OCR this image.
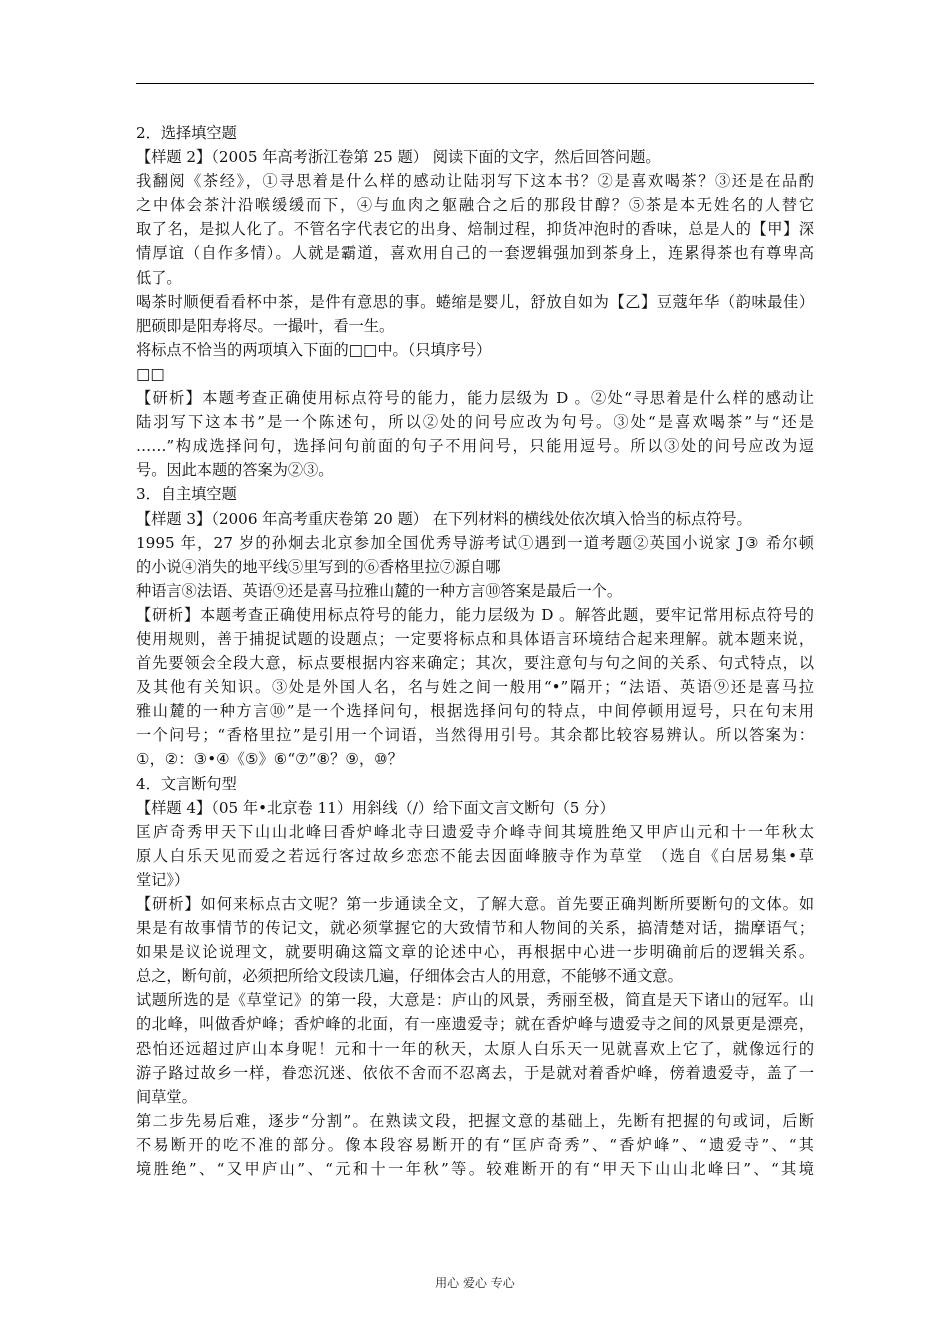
2．选择填空题
【样题 2】（2005 年高考浙江卷第 25 题） 阅读下面的文字，然后回答问题。
我翻阅《茶经》，①寻思着是什么样的感动让陆羽写下这本书？②是喜欢喝茶？③还是在品酌
之中体会茶汁沿喉缓缓而下，④与血肉之躯融合之后的那段甘醇？⑤茶是本无姓名的人替它
取了名，是拟人化了。不管名字代表它的出身、焙制过程，抑货冲泡时的香味，总是人的【甲】深
情厚谊（自作多情）。人就是霸道，喜欢用自己的一套逻辑强加到茶身上，连累得茶也有尊卑高
低了。
喝茶时顺便看看杯中茶，是件有意思的事。蜷缩是婴儿，舒放自如为【乙】豆蔻年华（韵味最佳）
肥硕即是阳寿将尽。一撮叶，看一生。
将标点不恰当的两项填入下面的□□中。（只填序号）
□□
【研析】本题考查正确使用标点符号的能力，能力层级为 D 。②处“寻思着是什么样的感动让
陆羽写下这本书”是一个陈述句，所以②处的问号应改为句号。③处“是喜欢喝茶”与“还是
……”构成选择问句，选择问句前面的句子不用问号，只能用逗号。所以③处的问号应改为逗
号。因此本题的答案为②③。
3．自主填空题
【样题 3】（2006 年高考重庆卷第 20 题） 在下列材料的横线处依次填入恰当的标点符号。
1995 年，27 岁的孙炯去北京参加全国优秀导游考试①遇到一道考题②英国小说家 J③ 希尔顿
的小说④消失的地平线⑤里写到的⑥香格里拉⑦源自哪
种语言⑧法语、英语⑨还是喜马拉雅山麓的一种方言⑩答案是最后一个。
【研析】本题考查正确使用标点符号的能力，能力层级为 D 。解答此题，要牢记常用标点符号的
使用规则，善于捕捉试题的设题点；一定要将标点和具体语言环境结合起来理解。就本题来说，
首先要领会全段大意，标点要根据内容来确定；其次，要注意句与句之间的关系、句式特点，以
及其他有关知识。③处是外国人名，名与姓之间一般用“•”隔开；“法语、英语⑨还是喜马拉
雅山麓的一种方言⑩”是一个选择问句，根据选择问句的特点，中间停顿用逗号，只在句末用
一个问号；“香格里拉”是引用一个词语，当然得用引号。其余都比较容易辨认。所以答案为：
①，②：③•④《⑤》⑥“⑦”⑧？⑨，⑩？
4．文言断句型
【样题 4】（05 年•北京卷 11）用斜线（/）给下面文言文断句（5 分）
匡庐奇秀甲天下山山北峰曰香炉峰北寺曰遗爱寺介峰寺间其境胜绝又甲庐山元和十一年秋太
原人白乐天见而爱之若远行客过故乡恋恋不能去因面峰腋寺作为草堂　（选自《白居易集•草
堂记》）
【研析】如何来标点古文呢？第一步通读全文，了解大意。首先要正确判断所要断句的文体。如
果是有故事情节的传记文，就必须掌握它的大致情节和人物间的关系，搞清楚对话，揣摩语气；
如果是议论说理文，就要明确这篇文章的论述中心，再根据中心进一步明确前后的逻辑关系。
总之，断句前，必须把所给文段读几遍，仔细体会古人的用意，不能够不通文意。
试题所选的是《草堂记》的第一段，大意是：庐山的风景，秀丽至极，简直是天下诸山的冠军。山
的北峰，叫做香炉峰；香炉峰的北面，有一座遗爱寺；就在香炉峰与遗爱寺之间的风景更是漂亮，
恐怕还远超过庐山本身呢！元和十一年的秋天，太原人白乐天一见就喜欢上它了，就像远行的
游子路过故乡一样，眷恋沉迷、依依不舍而不忍离去，于是就对着香炉峰，傍着遗爱寺，盖了一
间草堂。
第二步先易后难，逐步“分割”。在熟读文段，把握文意的基础上，先断有把握的句或词，后断
不易断开的吃不准的部分。像本段容易断开的有“匡庐奇秀”、“香炉峰”、“遗爱寺”、“其
境胜绝”、“又甲庐山”、“元和十一年秋”等。较难断开的有“甲天下山山北峰曰”、“其境
用心 爱心 专心
